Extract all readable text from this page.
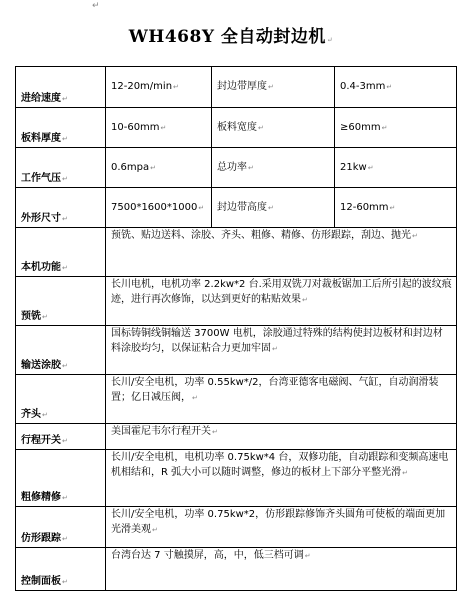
↵
WH468Y 全自动封边机↵
进给速度↵	12-20m/min↵	封边带厚度↵	0.4-3mm↵
板料厚度↵	10-60mm↵	板料宽度↵	≥60mm↵
工作气压↵	0.6mpa↵	总功率↵	21kw↵
外形尺寸↵	7500*1600*1000↵	封边带高度↵	12-60mm↵
本机功能↵	预铣、贴边送料、涂胶、齐头、粗修、精修、仿形跟踪，刮边、抛光↵		
预铣↵	长川电机，电机功率 2.2kw*2 台.采用双铣刀对裁板锯加工后所引起的波纹痕迹，进行再次修饰，以达到更好的粘贴效果↵		
输送涂胶↵	国标铸铜线铜输送 3700W 电机，涂胶通过特殊的结构使封边板材和封边材料涂胶均匀，以保证粘合力更加牢固↵		
齐头↵	长川/安全电机，功率 0.55kw*/2，台湾亚德客电磁阀、气缸，自动润滑装置；亿日减压阀，↵		
行程开关↵	美国霍尼韦尔行程开关↵		
粗修精修↵	长川/安全电机，电机功率 0.75kw*4 台，双修功能，自动跟踪和变频高速电机相结和，R 弧大小可以随时调整，修边的板材上下部分平整光滑↵		
仿形跟踪↵	长川/安全电机，功率 0.75kw*2，仿形跟踪修饰齐头圆角可使板的端面更加光滑美观↵		
控制面板↵	台湾台达 7 寸触摸屏，高，中，低三档可调↵		
